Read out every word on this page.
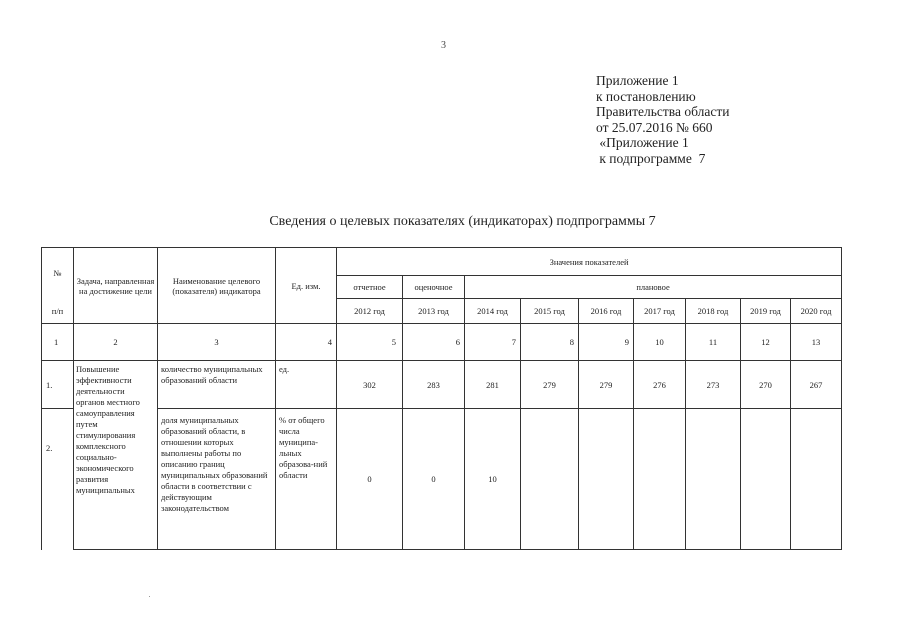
3
Приложение 1
к постановлению
Правительства области
от 25.07.2016 № 660
«Приложение 1
к подпрограмме  7
Сведения о целевых показателях (индикаторах) подпрограммы 7
№	Задача, направленная на достижение цели	Наименование целевого (показателя) индикатора	Ед. изм.	Значения показателей								
				отчетное	оценочное	плановое						
п/п				2012 год	2013 год	2014 год	2015 год	2016 год	2017 год	2018 год	2019 год	2020 год
1	2	3	4	5	6	7	8	9	10	11	12	13
1.	Повышение эффективности деятельности органов местного самоуправления путем стимулирования комплексного социально-экономического развития муниципальных	количество муниципальных образований области	ед.	302	283	281	279	279	276	273	270	267
2.		доля муниципальных образований области, в отношении которых выполнены работы по описанию границ муниципальных образований области в соответствии с действующим законодательством	% от общего числа муниципа-льных образова-ний области	0	0	10						
